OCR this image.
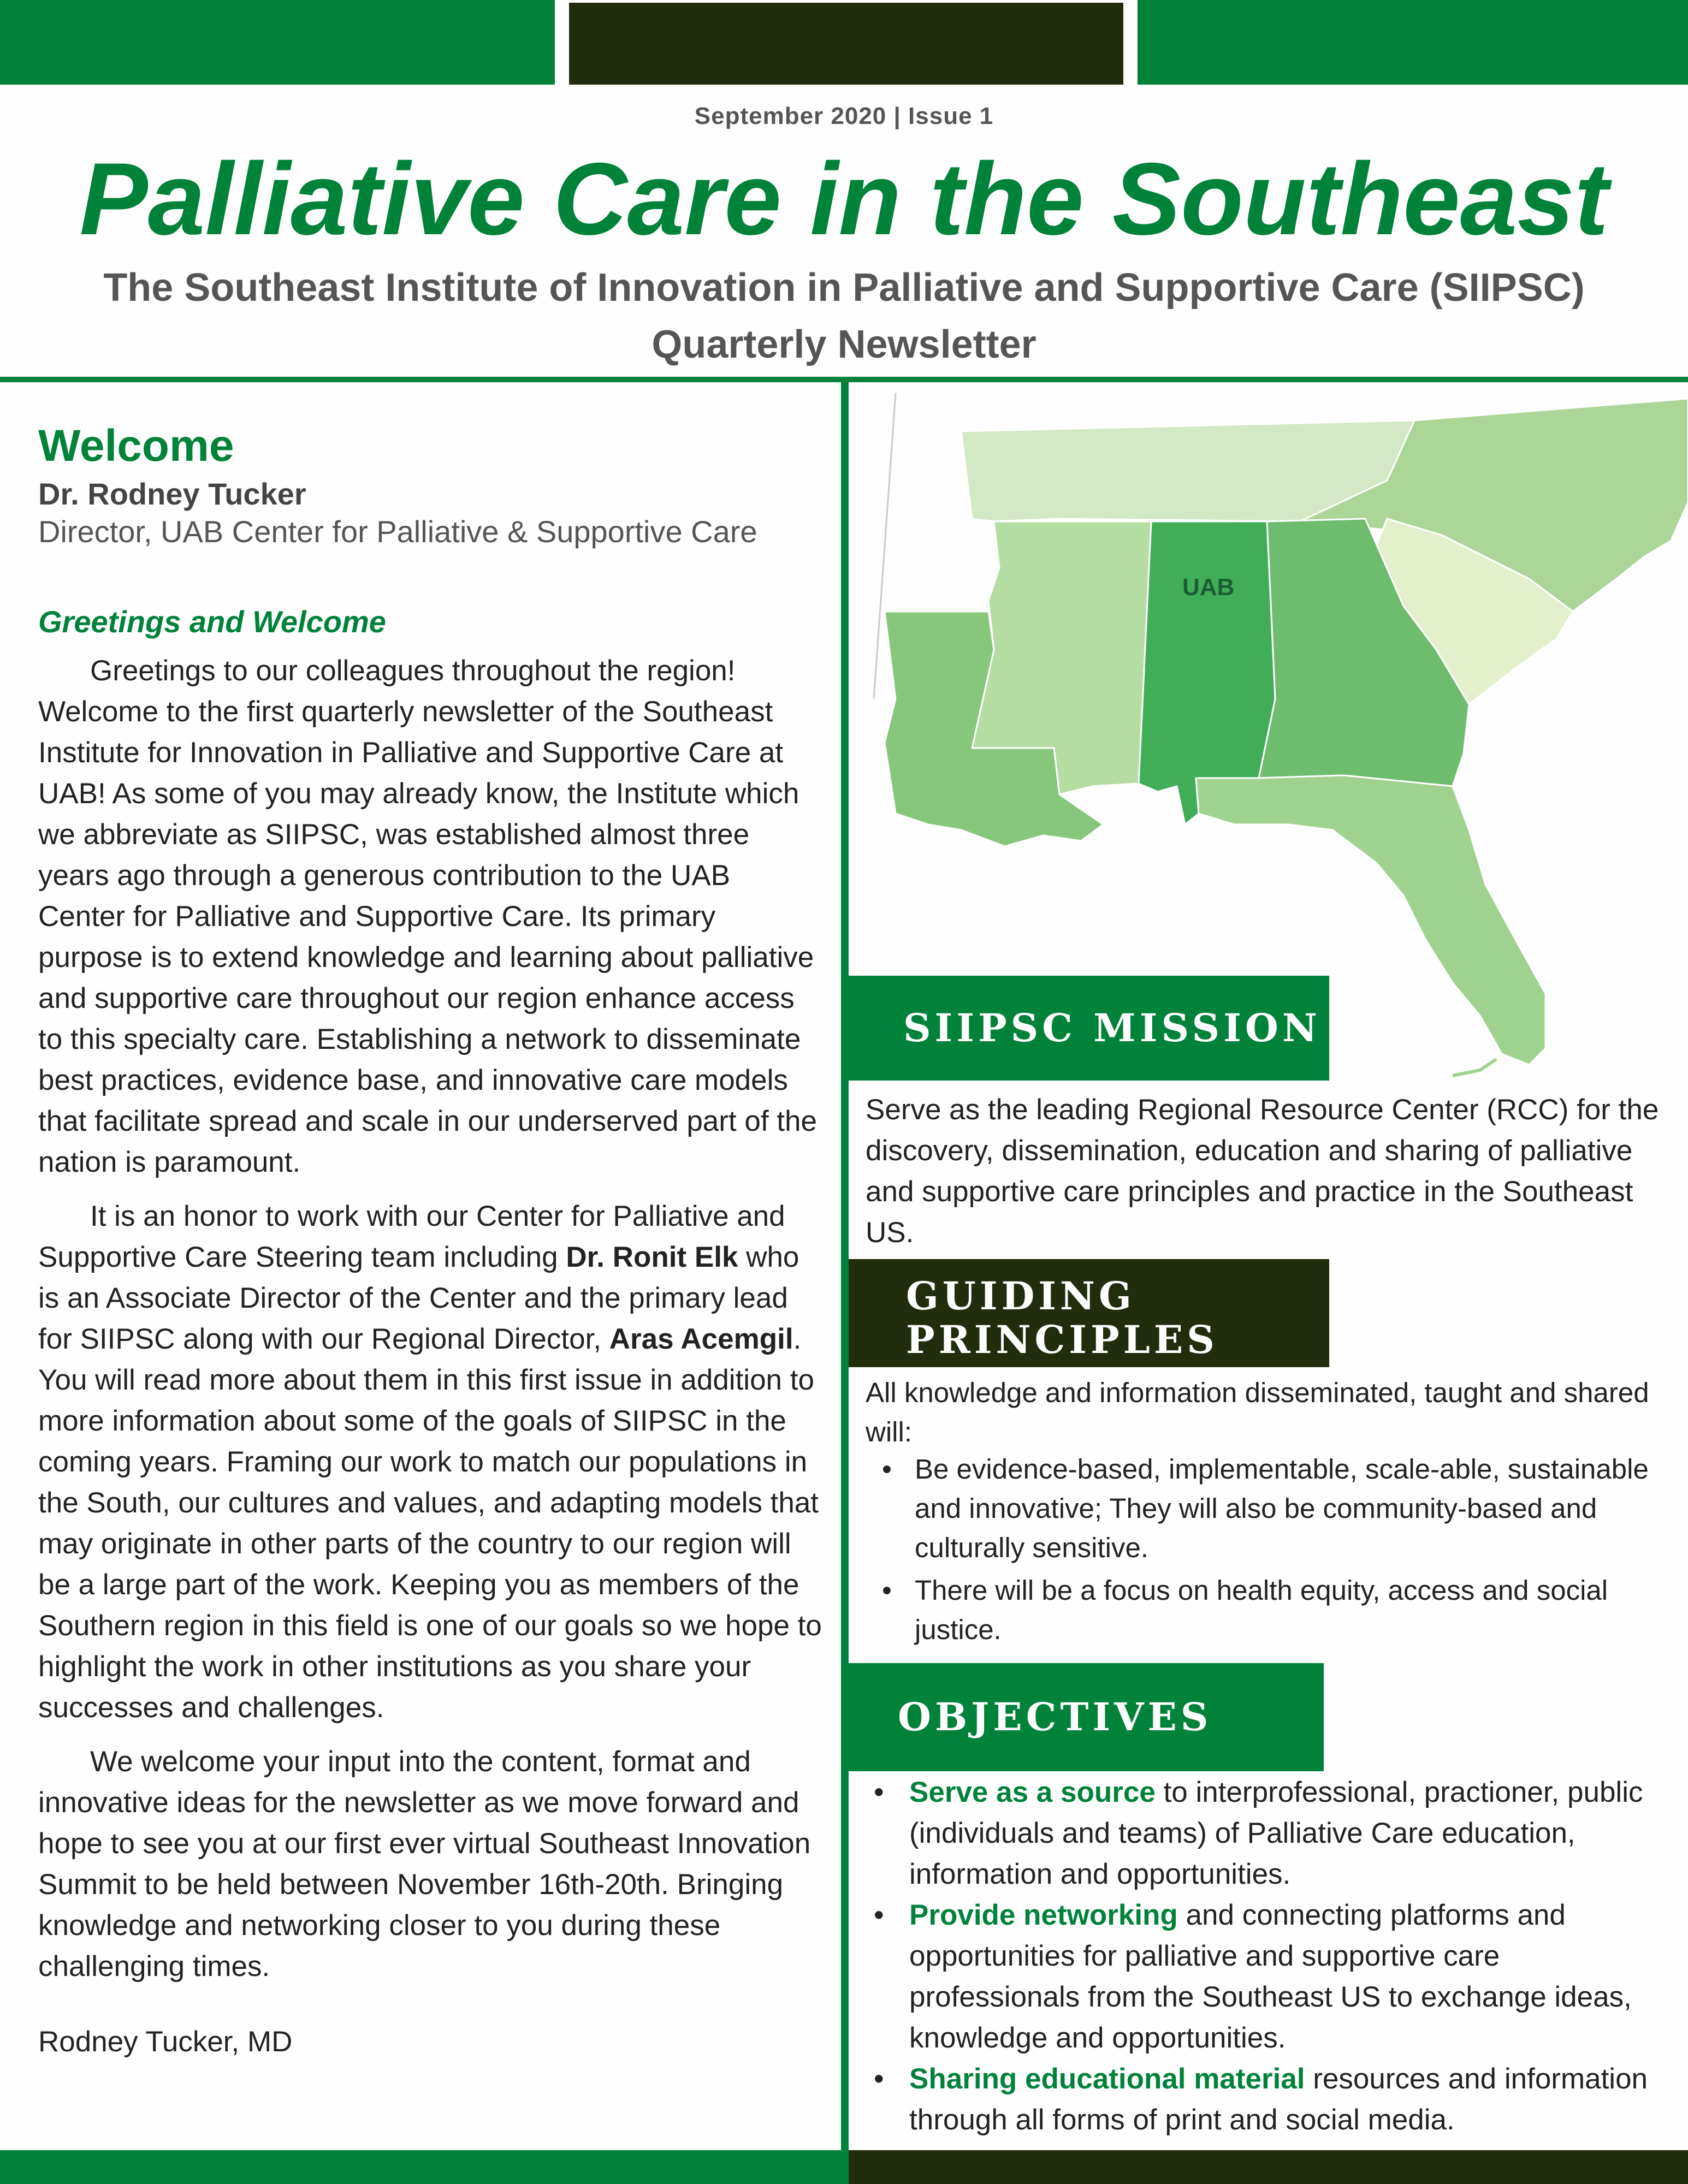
September 2020 | Issue 1
Palliative Care in the Southeast
The Southeast Institute of Innovation in Palliative and Supportive Care (SIIPSC)
Quarterly Newsletter
Welcome
Dr. Rodney Tucker
Director, UAB Center for Palliative & Supportive Care
Greetings and Welcome

Greetings to our colleagues throughout the region! Welcome to the first quarterly newsletter of the Southeast Institute for Innovation in Palliative and Supportive Care at UAB! As some of you may already know, the Institute which we abbreviate as SIIPSC, was established almost three years ago through a generous contribution to the UAB Center for Palliative and Supportive Care. Its primary purpose is to extend knowledge and learning about palliative and supportive care throughout our region enhance access to this specialty care. Establishing a network to disseminate best practices, evidence base, and innovative care models that facilitate spread and scale in our underserved part of the nation is paramount.

It is an honor to work with our Center for Palliative and Supportive Care Steering team including Dr. Ronit Elk who is an Associate Director of the Center and the primary lead for SIIPSC along with our Regional Director, Aras Acemgil. You will read more about them in this first issue in addition to more information about some of the goals of SIIPSC in the coming years. Framing our work to match our populations in the South, our cultures and values, and adapting models that may originate in other parts of the country to our region will be a large part of the work. Keeping you as members of the Southern region in this field is one of our goals so we hope to highlight the work in other institutions as you share your successes and challenges.

We welcome your input into the content, format and innovative ideas for the newsletter as we move forward and hope to see you at our first ever virtual Southeast Innovation Summit to be held between November 16th-20th. Bringing knowledge and networking closer to you during these challenging times.

Rodney Tucker, MD
UAB
SIIPSC MISSION
Serve as the leading Regional Resource Center (RCC) for the discovery, dissemination, education and sharing of palliative and supportive care principles and practice in the Southeast US.
GUIDING
PRINCIPLES
All knowledge and information disseminated, taught and shared will:
• Be evidence-based, implementable, scale-able, sustainable and innovative; They will also be community-based and culturally sensitive.
• There will be a focus on health equity, access and social justice.
OBJECTIVES
• Serve as a source to interprofessional, practioner, public (individuals and teams) of Palliative Care education, information and opportunities.
• Provide networking and connecting platforms and opportunities for palliative and supportive care professionals from the Southeast US to exchange ideas, knowledge and opportunities.
• Sharing educational material resources and information through all forms of print and social media.
